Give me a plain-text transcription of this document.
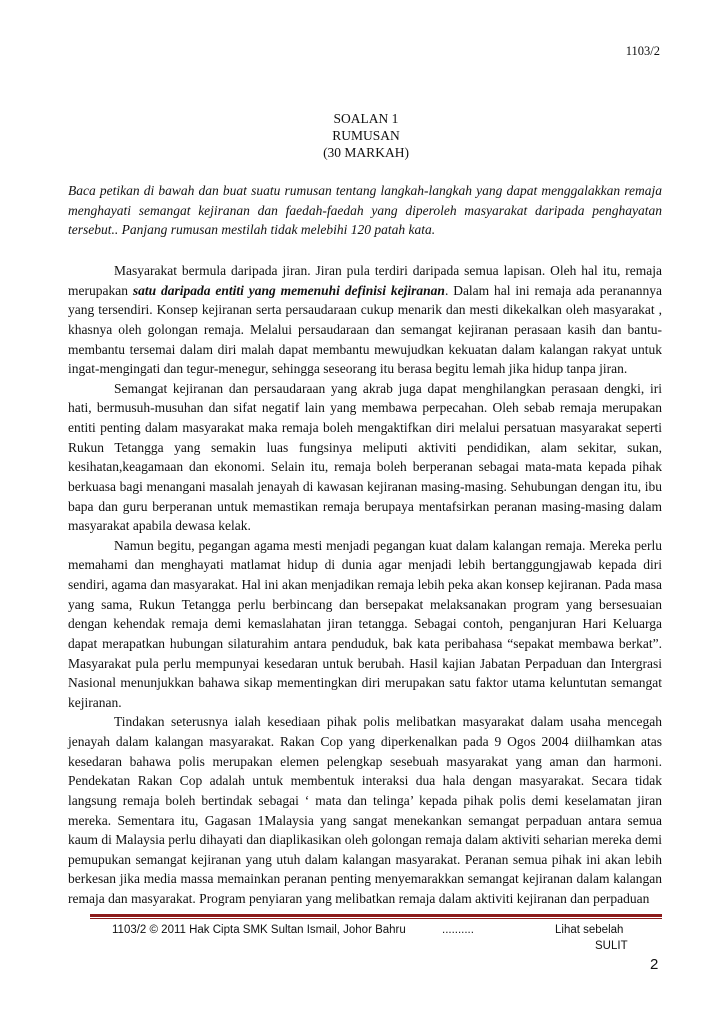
1103/2
SOALAN 1
RUMUSAN
(30 MARKAH)

Baca petikan di bawah dan buat suatu rumusan tentang langkah-langkah yang dapat menggalakkan remaja menghayati semangat kejiranan dan faedah-faedah yang diperoleh masyarakat daripada penghayatan tersebut.. Panjang rumusan mestilah tidak melebihi 120 patah kata.

Masyarakat bermula daripada jiran. Jiran pula terdiri daripada semua lapisan. Oleh hal itu, remaja merupakan satu daripada entiti yang memenuhi definisi kejiranan. Dalam hal ini remaja ada peranannya yang tersendiri. Konsep kejiranan serta persaudaraan cukup menarik dan mesti dikekalkan oleh masyarakat , khasnya oleh golongan remaja. Melalui persaudaraan dan semangat kejiranan perasaan kasih dan bantu-membantu tersemai dalam diri malah dapat membantu mewujudkan kekuatan dalam kalangan rakyat untuk ingat-mengingati dan tegur-menegur, sehingga seseorang itu berasa begitu lemah jika hidup tanpa jiran.

Semangat kejiranan dan persaudaraan yang akrab juga dapat menghilangkan perasaan dengki, iri hati, bermusuh-musuhan dan sifat negatif lain yang membawa perpecahan. Oleh sebab remaja merupakan entiti penting dalam masyarakat maka remaja boleh mengaktifkan diri melalui persatuan masyarakat seperti Rukun Tetangga yang semakin luas fungsinya meliputi aktiviti pendidikan, alam sekitar, sukan, kesihatan,keagamaan dan ekonomi. Selain itu, remaja boleh berperanan sebagai mata-mata kepada pihak berkuasa bagi menangani masalah jenayah di kawasan kejiranan masing-masing. Sehubungan dengan itu, ibu bapa dan guru berperanan untuk memastikan remaja berupaya mentafsirkan peranan masing-masing dalam masyarakat apabila dewasa kelak.

Namun begitu, pegangan agama mesti menjadi pegangan kuat dalam kalangan remaja. Mereka perlu memahami dan menghayati matlamat hidup di dunia agar menjadi lebih bertanggungjawab kepada diri sendiri, agama dan masyarakat. Hal ini akan menjadikan remaja lebih peka akan konsep kejiranan. Pada masa yang sama, Rukun Tetangga perlu berbincang dan bersepakat melaksanakan program yang bersesuaian dengan kehendak remaja demi kemaslahatan jiran tetangga. Sebagai contoh, penganjuran Hari Keluarga dapat merapatkan hubungan silaturahim antara penduduk, bak kata peribahasa “sepakat membawa berkat”. Masyarakat pula perlu mempunyai kesedaran untuk berubah. Hasil kajian Jabatan Perpaduan dan Intergrasi Nasional menunjukkan bahawa sikap mementingkan diri merupakan satu faktor utama keluntutan semangat kejiranan.

Tindakan seterusnya ialah kesediaan pihak polis melibatkan masyarakat dalam usaha mencegah jenayah dalam kalangan masyarakat. Rakan Cop yang diperkenalkan pada 9 Ogos 2004 diilhamkan atas kesedaran bahawa polis merupakan elemen pelengkap sesebuah masyarakat yang aman dan harmoni. Pendekatan Rakan Cop adalah untuk membentuk interaksi dua hala dengan masyarakat. Secara tidak langsung remaja boleh bertindak sebagai ‘ mata dan telinga’ kepada pihak polis demi keselamatan jiran mereka. Sementara itu, Gagasan 1Malaysia yang sangat menekankan semangat perpaduan antara semua kaum di Malaysia perlu dihayati dan diaplikasikan oleh golongan remaja dalam aktiviti seharian mereka demi pemupukan semangat kejiranan yang utuh dalam kalangan masyarakat. Peranan semua pihak ini akan lebih berkesan jika media massa memainkan peranan penting menyemarakkan semangat kejiranan dalam kalangan remaja dan masyarakat. Program penyiaran yang melibatkan remaja dalam aktiviti kejiranan dan perpaduan

1103/2 © 2011 Hak Cipta SMK Sultan Ismail, Johor Bahru	..........	Lihat sebelah
SULIT
2
